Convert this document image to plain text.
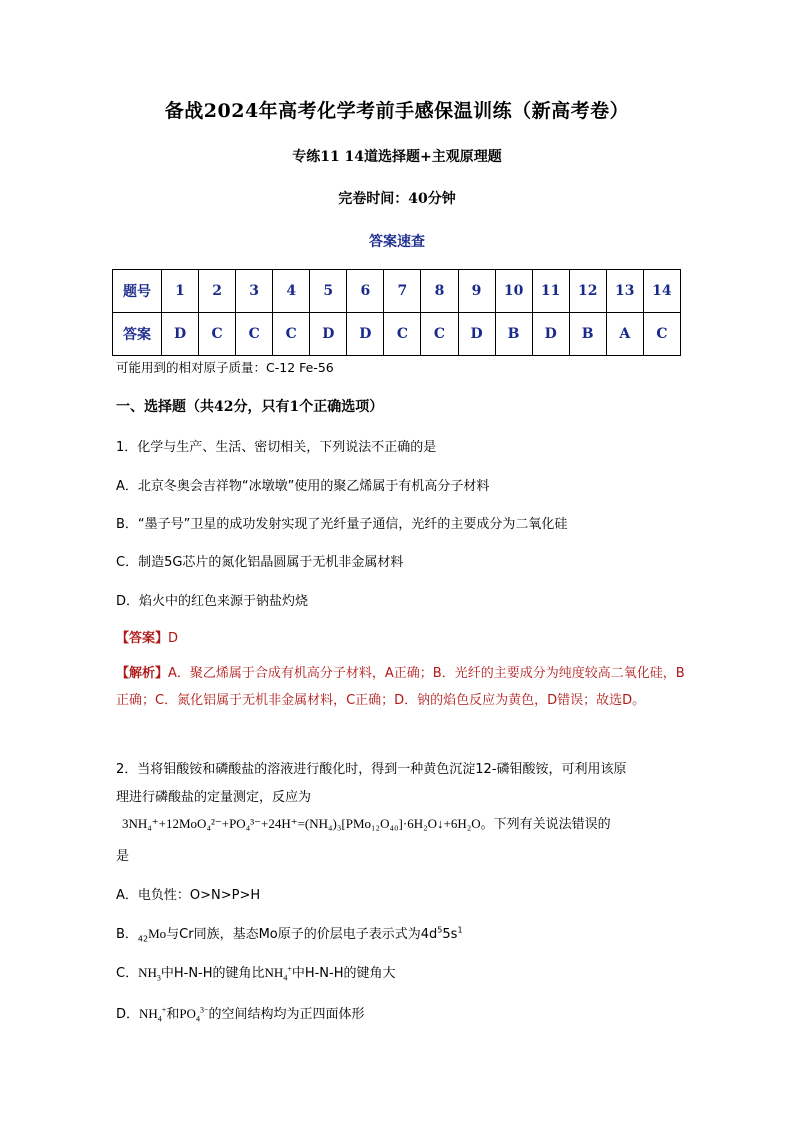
备战2024年高考化学考前手感保温训练（新高考卷）
专练11 14道选择题+主观原理题
完卷时间：40分钟
答案速查
题号	1	2	3	4	5	6	7	8	9	10	11	12	13	14
答案	D	C	C	C	D	D	C	C	D	B	D	B	A	C
可能用到的相对原子质量：C-12 Fe-56
一、选择题（共42分，只有1个正确选项）
1．化学与生产、生活、密切相关，下列说法不正确的是
A．北京冬奥会吉祥物“冰墩墩”使用的聚乙烯属于有机高分子材料
B．“墨子号”卫星的成功发射实现了光纤量子通信，光纤的主要成分为二氧化硅
C．制造5G芯片的氮化铝晶圆属于无机非金属材料
D．焰火中的红色来源于钠盐灼烧
【答案】D
【解析】A．聚乙烯属于合成有机高分子材料，A正确；B．光纤的主要成分为纯度较高二氧化硅，B正确；C．氮化铝属于无机非金属材料，C正确；D．钠的焰色反应为黄色，D错误；故选D。
2．当将钼酸铵和磷酸盐的溶液进行酸化时，得到一种黄色沉淀12-磷钼酸铵，可利用该原
理进行磷酸盐的定量测定，反应为
3NH₄⁺+12MoO₄²⁻+PO₄³⁻+24H⁺=(NH₄)₃[PMo₁₂O₄₀]·6H₂O↓+6H₂O。下列有关说法错误的
是
A．电负性：O>N>P>H
B．$_{42}$Mo与Cr同族，基态Mo原子的价层电子表示式为$4d^55s^1$
C．$NH_3$中H-N-H的键角比$NH_4^+$中H-N-H的键角大
D．$NH_4^+$和$PO_4^{3-}$的空间结构均为正四面体形
